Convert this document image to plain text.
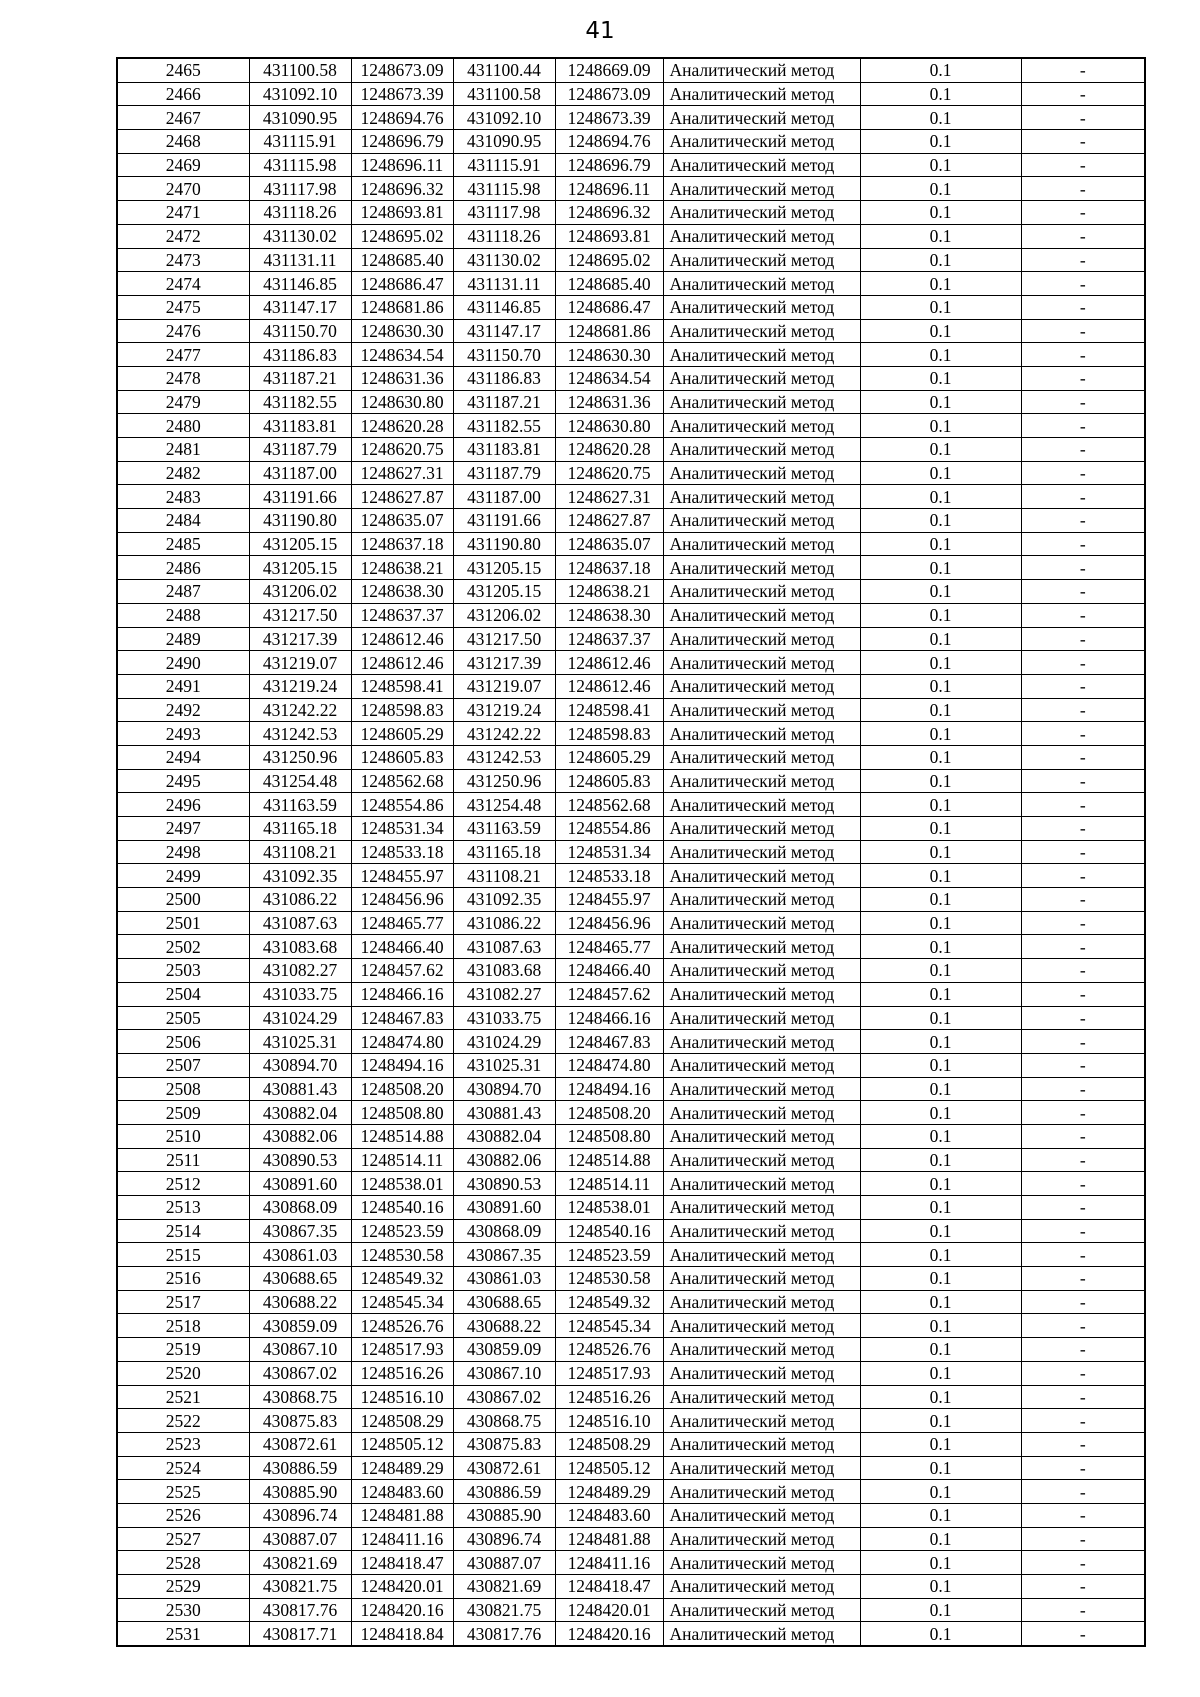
41
2465	431100.58	1248673.09	431100.44	1248669.09	Аналитический метод	0.1	-
2466	431092.10	1248673.39	431100.58	1248673.09	Аналитический метод	0.1	-
2467	431090.95	1248694.76	431092.10	1248673.39	Аналитический метод	0.1	-
2468	431115.91	1248696.79	431090.95	1248694.76	Аналитический метод	0.1	-
2469	431115.98	1248696.11	431115.91	1248696.79	Аналитический метод	0.1	-
2470	431117.98	1248696.32	431115.98	1248696.11	Аналитический метод	0.1	-
2471	431118.26	1248693.81	431117.98	1248696.32	Аналитический метод	0.1	-
2472	431130.02	1248695.02	431118.26	1248693.81	Аналитический метод	0.1	-
2473	431131.11	1248685.40	431130.02	1248695.02	Аналитический метод	0.1	-
2474	431146.85	1248686.47	431131.11	1248685.40	Аналитический метод	0.1	-
2475	431147.17	1248681.86	431146.85	1248686.47	Аналитический метод	0.1	-
2476	431150.70	1248630.30	431147.17	1248681.86	Аналитический метод	0.1	-
2477	431186.83	1248634.54	431150.70	1248630.30	Аналитический метод	0.1	-
2478	431187.21	1248631.36	431186.83	1248634.54	Аналитический метод	0.1	-
2479	431182.55	1248630.80	431187.21	1248631.36	Аналитический метод	0.1	-
2480	431183.81	1248620.28	431182.55	1248630.80	Аналитический метод	0.1	-
2481	431187.79	1248620.75	431183.81	1248620.28	Аналитический метод	0.1	-
2482	431187.00	1248627.31	431187.79	1248620.75	Аналитический метод	0.1	-
2483	431191.66	1248627.87	431187.00	1248627.31	Аналитический метод	0.1	-
2484	431190.80	1248635.07	431191.66	1248627.87	Аналитический метод	0.1	-
2485	431205.15	1248637.18	431190.80	1248635.07	Аналитический метод	0.1	-
2486	431205.15	1248638.21	431205.15	1248637.18	Аналитический метод	0.1	-
2487	431206.02	1248638.30	431205.15	1248638.21	Аналитический метод	0.1	-
2488	431217.50	1248637.37	431206.02	1248638.30	Аналитический метод	0.1	-
2489	431217.39	1248612.46	431217.50	1248637.37	Аналитический метод	0.1	-
2490	431219.07	1248612.46	431217.39	1248612.46	Аналитический метод	0.1	-
2491	431219.24	1248598.41	431219.07	1248612.46	Аналитический метод	0.1	-
2492	431242.22	1248598.83	431219.24	1248598.41	Аналитический метод	0.1	-
2493	431242.53	1248605.29	431242.22	1248598.83	Аналитический метод	0.1	-
2494	431250.96	1248605.83	431242.53	1248605.29	Аналитический метод	0.1	-
2495	431254.48	1248562.68	431250.96	1248605.83	Аналитический метод	0.1	-
2496	431163.59	1248554.86	431254.48	1248562.68	Аналитический метод	0.1	-
2497	431165.18	1248531.34	431163.59	1248554.86	Аналитический метод	0.1	-
2498	431108.21	1248533.18	431165.18	1248531.34	Аналитический метод	0.1	-
2499	431092.35	1248455.97	431108.21	1248533.18	Аналитический метод	0.1	-
2500	431086.22	1248456.96	431092.35	1248455.97	Аналитический метод	0.1	-
2501	431087.63	1248465.77	431086.22	1248456.96	Аналитический метод	0.1	-
2502	431083.68	1248466.40	431087.63	1248465.77	Аналитический метод	0.1	-
2503	431082.27	1248457.62	431083.68	1248466.40	Аналитический метод	0.1	-
2504	431033.75	1248466.16	431082.27	1248457.62	Аналитический метод	0.1	-
2505	431024.29	1248467.83	431033.75	1248466.16	Аналитический метод	0.1	-
2506	431025.31	1248474.80	431024.29	1248467.83	Аналитический метод	0.1	-
2507	430894.70	1248494.16	431025.31	1248474.80	Аналитический метод	0.1	-
2508	430881.43	1248508.20	430894.70	1248494.16	Аналитический метод	0.1	-
2509	430882.04	1248508.80	430881.43	1248508.20	Аналитический метод	0.1	-
2510	430882.06	1248514.88	430882.04	1248508.80	Аналитический метод	0.1	-
2511	430890.53	1248514.11	430882.06	1248514.88	Аналитический метод	0.1	-
2512	430891.60	1248538.01	430890.53	1248514.11	Аналитический метод	0.1	-
2513	430868.09	1248540.16	430891.60	1248538.01	Аналитический метод	0.1	-
2514	430867.35	1248523.59	430868.09	1248540.16	Аналитический метод	0.1	-
2515	430861.03	1248530.58	430867.35	1248523.59	Аналитический метод	0.1	-
2516	430688.65	1248549.32	430861.03	1248530.58	Аналитический метод	0.1	-
2517	430688.22	1248545.34	430688.65	1248549.32	Аналитический метод	0.1	-
2518	430859.09	1248526.76	430688.22	1248545.34	Аналитический метод	0.1	-
2519	430867.10	1248517.93	430859.09	1248526.76	Аналитический метод	0.1	-
2520	430867.02	1248516.26	430867.10	1248517.93	Аналитический метод	0.1	-
2521	430868.75	1248516.10	430867.02	1248516.26	Аналитический метод	0.1	-
2522	430875.83	1248508.29	430868.75	1248516.10	Аналитический метод	0.1	-
2523	430872.61	1248505.12	430875.83	1248508.29	Аналитический метод	0.1	-
2524	430886.59	1248489.29	430872.61	1248505.12	Аналитический метод	0.1	-
2525	430885.90	1248483.60	430886.59	1248489.29	Аналитический метод	0.1	-
2526	430896.74	1248481.88	430885.90	1248483.60	Аналитический метод	0.1	-
2527	430887.07	1248411.16	430896.74	1248481.88	Аналитический метод	0.1	-
2528	430821.69	1248418.47	430887.07	1248411.16	Аналитический метод	0.1	-
2529	430821.75	1248420.01	430821.69	1248418.47	Аналитический метод	0.1	-
2530	430817.76	1248420.16	430821.75	1248420.01	Аналитический метод	0.1	-
2531	430817.71	1248418.84	430817.76	1248420.16	Аналитический метод	0.1	-
